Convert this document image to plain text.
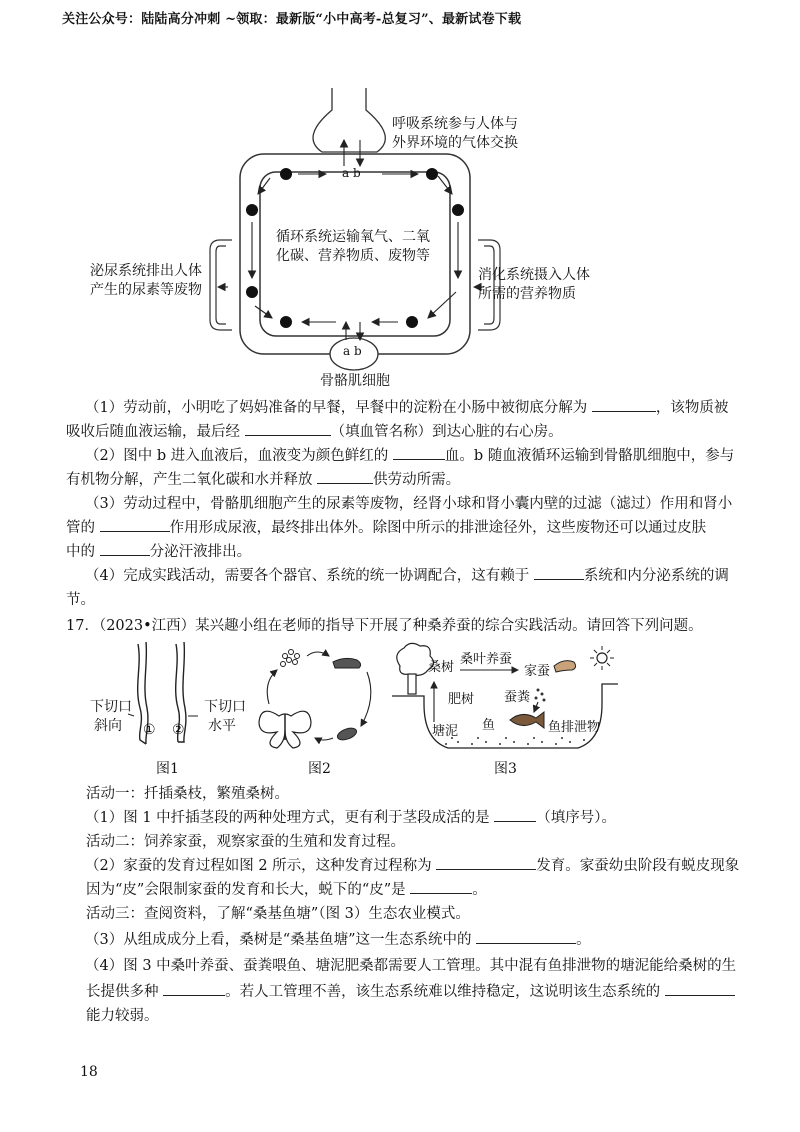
关注公众号：陆陆高分冲刺 ~领取：最新版“小中高考-总复习”、最新试卷下载
呼吸系统参与人体与
外界环境的气体交换
循环系统运输氧气、二氧
化碳、营养物质、废物等
泌尿系统排出人体
产生的尿素等废物
消化系统摄入人体
所需的营养物质
a b
a b
骨骼肌细胞
（1）劳动前，小明吃了妈妈准备的早餐，早餐中的淀粉在小肠中被彻底分解为	，该物质被
吸收后随血液运输，最后经	（填血管名称）到达心脏的右心房。
（2）图中 b 进入血液后，血液变为颜色鲜红的	血。b 随血液循环运输到骨骼肌细胞中，参与
有机物分解，产生二氧化碳和水并释放	供劳动所需。
（3）劳动过程中，骨骼肌细胞产生的尿素等废物，经肾小球和肾小囊内壁的过滤（滤过）作用和肾小
管的	作用形成尿液，最终排出体外。除图中所示的排泄途径外，这些废物还可以通过皮肤
中的	分泌汗液排出。
（4）完成实践活动，需要各个器官、系统的统一协调配合，这有赖于	系统和内分泌系统的调
节。
17．（2023•江西）某兴趣小组在老师的指导下开展了种桑养蚕的综合实践活动。请回答下列问题。
下切口
斜向
下切口
水平
① ②
图1	图2
桑树
桑叶养蚕
家蚕
肥树 蚕粪
鱼	鱼排泄物
塘泥
图3
活动一：扦插桑枝，繁殖桑树。
（1）图 1 中扦插茎段的两种处理方式，更有利于茎段成活的是	（填序号）。
活动二：饲养家蚕，观察家蚕的生殖和发育过程。
（2）家蚕的发育过程如图 2 所示，这种发育过程称为	发育。家蚕幼虫阶段有蜕皮现象
因为“皮”会限制家蚕的发育和长大，蜕下的“皮”是	。
活动三：查阅资料，了解“桑基鱼塘”（图 3）生态农业模式。
（3）从组成成分上看，桑树是“桑基鱼塘”这一生态系统中的	。
（4）图 3 中桑叶养蚕、蚕粪喂鱼、塘泥肥桑都需要人工管理。其中混有鱼排泄物的塘泥能给桑树的生
长提供多种	。若人工管理不善，该生态系统难以维持稳定，这说明该生态系统的
能力较弱。
18
